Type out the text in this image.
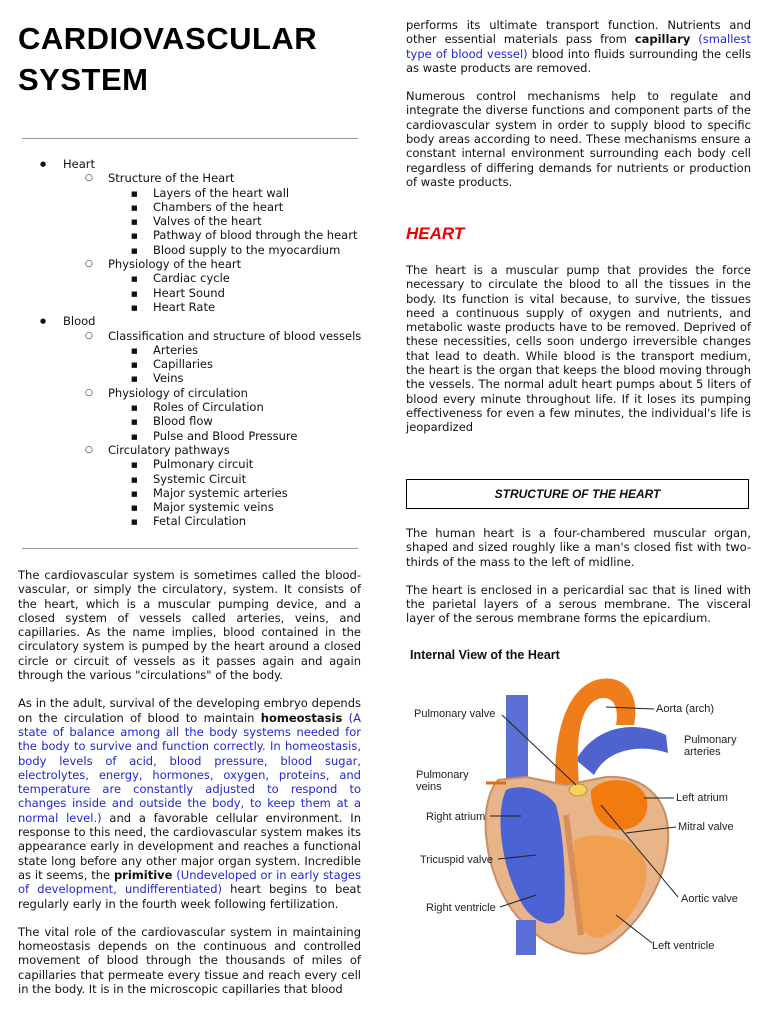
CARDIOVASCULAR
SYSTEM
● Heart
○ Structure of the Heart
■ Layers of the heart wall
■ Chambers of the heart
■ Valves of the heart
■ Pathway of blood through the heart
■ Blood supply to the myocardium
○ Physiology of the heart
■ Cardiac cycle
■ Heart Sound
■ Heart Rate
● Blood
○ Classification and structure of blood vessels
■ Arteries
■ Capillaries
■ Veins
○ Physiology of circulation
■ Roles of Circulation
■ Blood flow
■ Pulse and Blood Pressure
○ Circulatory pathways
■ Pulmonary circuit
■ Systemic Circuit
■ Major systemic arteries
■ Major systemic veins
■ Fetal Circulation

The cardiovascular system is sometimes called the blood-vascular, or simply the circulatory, system. It consists of the heart, which is a muscular pumping device, and a closed system of vessels called arteries, veins, and capillaries. As the name implies, blood contained in the circulatory system is pumped by the heart around a closed circle or circuit of vessels as it passes again and again through the various "circulations" of the body.

As in the adult, survival of the developing embryo depends on the circulation of blood to maintain homeostasis (A state of balance among all the body systems needed for the body to survive and function correctly. In homeostasis, body levels of acid, blood pressure, blood sugar, electrolytes, energy, hormones, oxygen, proteins, and temperature are constantly adjusted to respond to changes inside and outside the body, to keep them at a normal level.) and a favorable cellular environment. In response to this need, the cardiovascular system makes its appearance early in development and reaches a functional state long before any other major organ system. Incredible as it seems, the primitive (Undeveloped or in early stages of development, undifferentiated) heart begins to beat regularly early in the fourth week following fertilization.

The vital role of the cardiovascular system in maintaining homeostasis depends on the continuous and controlled movement of blood through the thousands of miles of capillaries that permeate every tissue and reach every cell in the body. It is in the microscopic capillaries that blood

performs its ultimate transport function. Nutrients and other essential materials pass from capillary (smallest type of blood vessel) blood into fluids surrounding the cells as waste products are removed.

Numerous control mechanisms help to regulate and integrate the diverse functions and component parts of the cardiovascular system in order to supply blood to specific body areas according to need. These mechanisms ensure a constant internal environment surrounding each body cell regardless of differing demands for nutrients or production of waste products.

HEART

The heart is a muscular pump that provides the force necessary to circulate the blood to all the tissues in the body. Its function is vital because, to survive, the tissues need a continuous supply of oxygen and nutrients, and metabolic waste products have to be removed. Deprived of these necessities, cells soon undergo irreversible changes that lead to death. While blood is the transport medium, the heart is the organ that keeps the blood moving through the vessels. The normal adult heart pumps about 5 liters of blood every minute throughout life. If it loses its pumping effectiveness for even a few minutes, the individual's life is jeopardized

STRUCTURE OF THE HEART

The human heart is a four-chambered muscular organ, shaped and sized roughly like a man's closed fist with two-thirds of the mass to the left of midline.

The heart is enclosed in a pericardial sac that is lined with the parietal layers of a serous membrane. The visceral layer of the serous membrane forms the epicardium.

Internal View of the Heart
Pulmonary valve
Pulmonary
veins
Right atrium
Tricuspid valve
Right ventricle
Aorta (arch)
Pulmonary
arteries
Left atrium
Mitral valve
Aortic valve
Left ventricle
